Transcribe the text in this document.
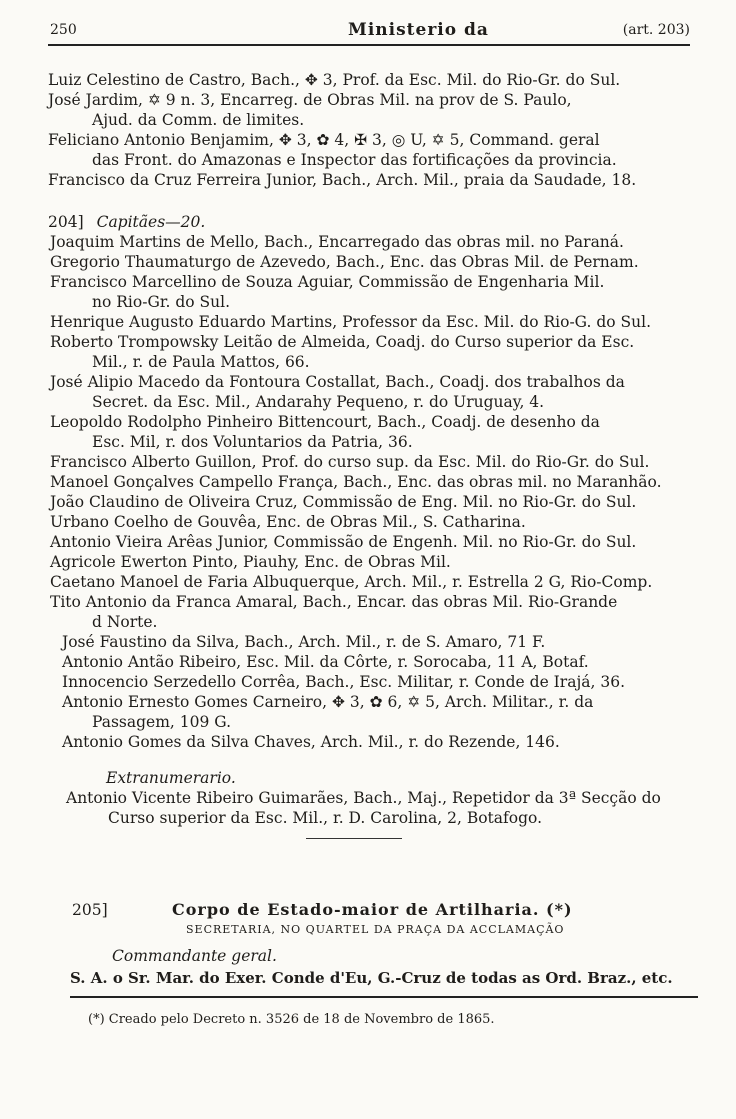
250	Ministerio da	(art. 203)
Luiz Celestino de Castro, Bach., ✥ 3, Prof. da Esc. Mil. do Rio-Gr. do Sul.
José Jardim, ✡ 9 n. 3, Encarreg. de Obras Mil. na prov de S. Paulo,
Ajud. da Comm. de limites.
Feliciano Antonio Benjamim, ✥ 3, ✿ 4, ✠ 3, ◎ U, ✡ 5, Command. geral
das Front. do Amazonas e Inspector das fortificações da provincia.
Francisco da Cruz Ferreira Junior, Bach., Arch. Mil., praia da Saudade, 18.
204] Capitães—20.
Joaquim Martins de Mello, Bach., Encarregado das obras mil. no Paraná.
Gregorio Thaumaturgo de Azevedo, Bach., Enc. das Obras Mil. de Pernam.
Francisco Marcellino de Souza Aguiar, Commissão de Engenharia Mil.
no Rio-Gr. do Sul.
Henrique Augusto Eduardo Martins, Professor da Esc. Mil. do Rio-G. do Sul.
Roberto Trompowsky Leitão de Almeida, Coadj. do Curso superior da Esc.
Mil., r. de Paula Mattos, 66.
José Alipio Macedo da Fontoura Costallat, Bach., Coadj. dos trabalhos da
Secret. da Esc. Mil., Andarahy Pequeno, r. do Uruguay, 4.
Leopoldo Rodolpho Pinheiro Bittencourt, Bach., Coadj. de desenho da
Esc. Mil, r. dos Voluntarios da Patria, 36.
Francisco Alberto Guillon, Prof. do curso sup. da Esc. Mil. do Rio-Gr. do Sul.
Manoel Gonçalves Campello França, Bach., Enc. das obras mil. no Maranhão.
João Claudino de Oliveira Cruz, Commissão de Eng. Mil. no Rio-Gr. do Sul.
Urbano Coelho de Gouvêa, Enc. de Obras Mil., S. Catharina.
Antonio Vieira Arêas Junior, Commissão de Engenh. Mil. no Rio-Gr. do Sul.
Agricole Ewerton Pinto, Piauhy, Enc. de Obras Mil.
Caetano Manoel de Faria Albuquerque, Arch. Mil., r. Estrella 2 G, Rio-Comp.
Tito Antonio da Franca Amaral, Bach., Encar. das obras Mil. Rio-Grande
d Norte.
José Faustino da Silva, Bach., Arch. Mil., r. de S. Amaro, 71 F.
Antonio Antão Ribeiro, Esc. Mil. da Côrte, r. Sorocaba, 11 A, Botaf.
Innocencio Serzedello Corrêa, Bach., Esc. Militar, r. Conde de Irajá, 36.
Antonio Ernesto Gomes Carneiro, ✥ 3, ✿ 6, ✡ 5, Arch. Militar., r. da
Passagem, 109 G.
Antonio Gomes da Silva Chaves, Arch. Mil., r. do Rezende, 146.
Extranumerario.
Antonio Vicente Ribeiro Guimarães, Bach., Maj., Repetidor da 3ª Secção do
Curso superior da Esc. Mil., r. D. Carolina, 2, Botafogo.
205]	Corpo de Estado-maior de Artilharia. (*)
SECRETARIA, NO QUARTEL DA PRAÇA DA ACCLAMAÇÃO
Commandante geral.
S. A. o Sr. Mar. do Exer. Conde d'Eu, G.-Cruz de todas as Ord. Braz., etc.
(*) Creado pelo Decreto n. 3526 de 18 de Novembro de 1865.
